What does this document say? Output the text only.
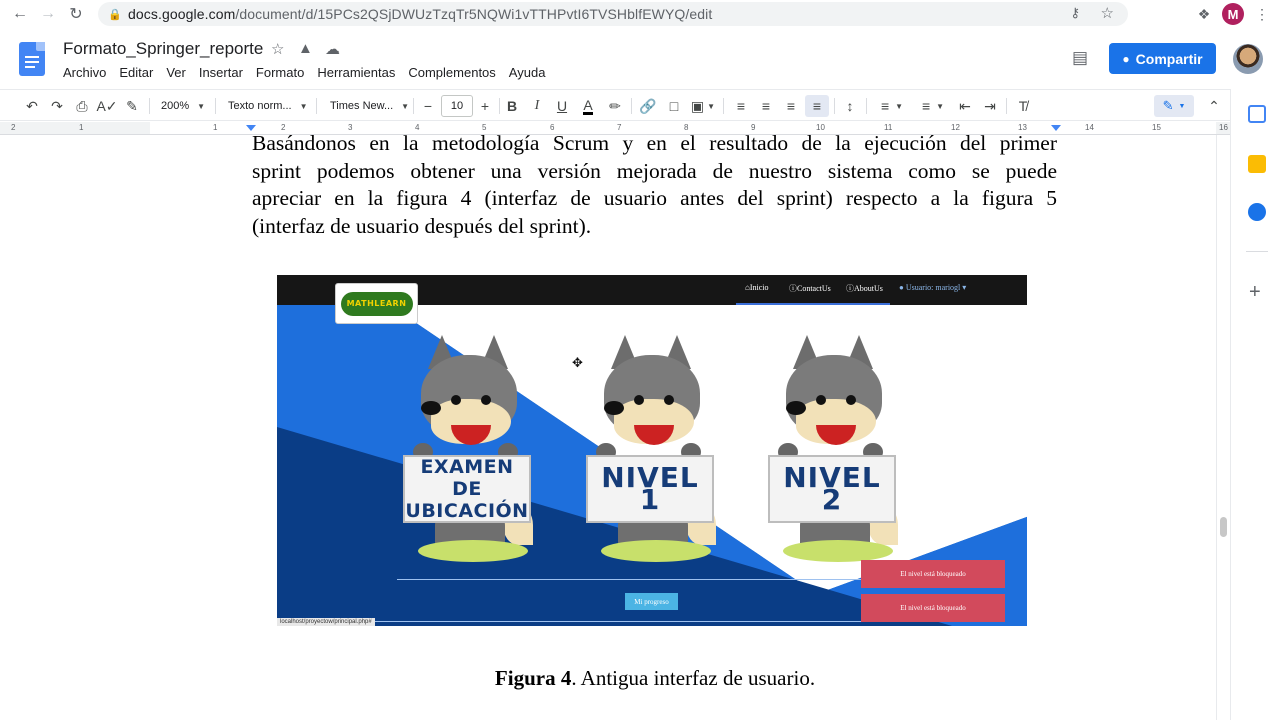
← → ↻	🔒 docs.google.com/document/d/15PCs2QSjDWUzTzqTr5NQWi1vTTHPvtI6TVSHblfEWYQ/edit	⚷ ☆	❖	M	⋮
Formato_Springer_reporte ☆ ▲ ☁
Archivo Editar Ver Insertar Formato Herramientas Complementos Ayuda
▤	● Compartir
↶ ↷ ⎙ A✓ ✎	200% ▼ Texto norm... ▼ Times New... ▼	−	10	+	B	I	U A ✏ 🔗 □ ▣ ▼	≡	≡	≡	≡	↕	≡ ▼	≡ ▼ ⇤ ⇥	T̸	✎ ▼ ⌃
2	1	1	2	3	4	5	6	7	8	9	10	11	12	13	14	15	16
Basándonos en la metodología Scrum y en el resultado de la ejecución del primer
sprint podemos obtener una versión mejorada de nuestro sistema como se puede
apreciar en la figura 4 (interfaz de usuario antes del sprint) respecto a la figura 5
(interfaz de usuario después del sprint).
⌂Inicio	ⓘContactUs ⓘAboutUs ● Usuario: mariogl ▾
MATHLEARN
EXAMEN DE
UBICACIÓN
NIVEL 1
NIVEL 2
Mi progreso
El nivel está bloqueado
El nivel está bloqueado
localhost/proyectow/principal.php#
✥
Figura 4. Antigua interfaz de usuario.
+
